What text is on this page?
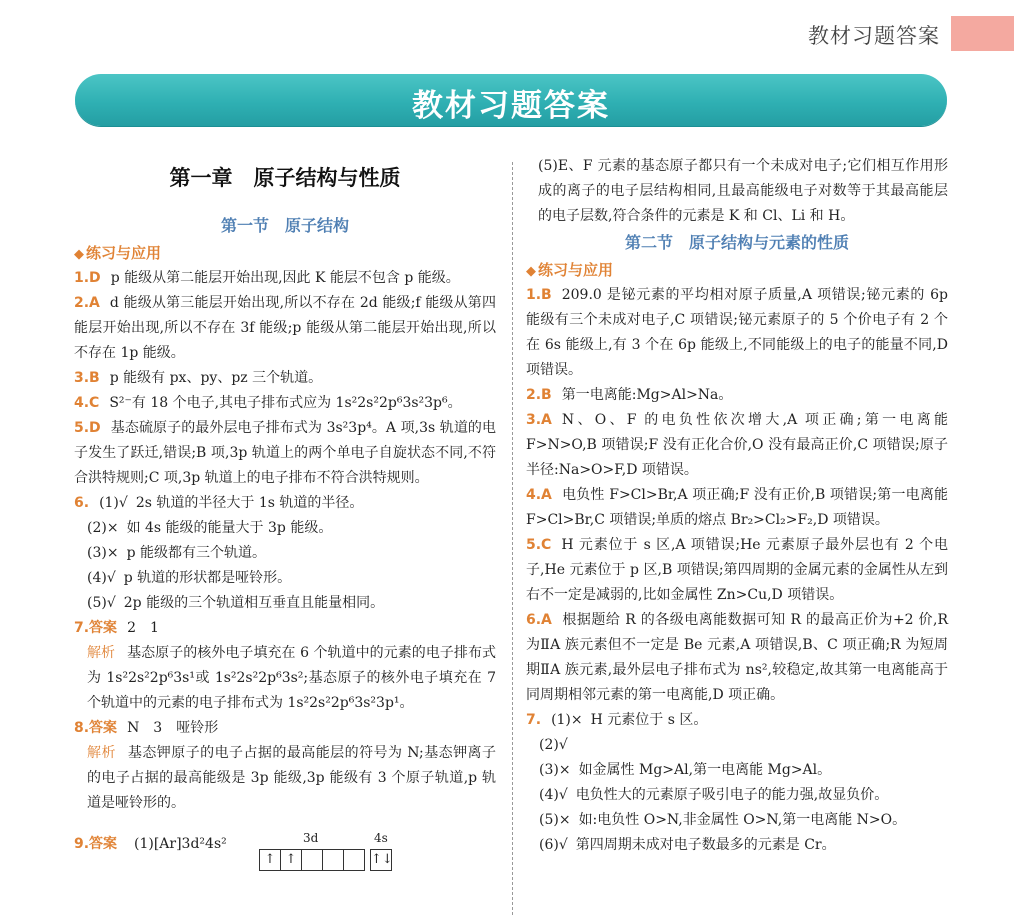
教材习题答案
教材习题答案
第一章　原子结构与性质
第一节　原子结构
◆ 练习与应用

1.D p 能级从第二能层开始出现,因此 K 能层不包含 p 能级。

2.A d 能级从第三能层开始出现,所以不存在 2d 能级;f 能级从第四能层开始出现,所以不存在 3f 能级;p 能级从第二能层开始出现,所以不存在 1p 能级。

3.B p 能级有 px、py、pz 三个轨道。

4.C S²⁻有 18 个电子,其电子排布式应为 1s²2s²2p⁶3s²3p⁶。

5.D 基态硫原子的最外层电子排布式为 3s²3p⁴。A 项,3s 轨道的电子发生了跃迁,错误;B 项,3p 轨道上的两个单电子自旋状态不同,不符合洪特规则;C 项,3p 轨道上的电子排布不符合洪特规则。

6. (1)√ 2s 轨道的半径大于 1s 轨道的半径。

(2)× 如 4s 能级的能量大于 3p 能级。

(3)× p 能级都有三个轨道。

(4)√ p 轨道的形状都是哑铃形。

(5)√ 2p 能级的三个轨道相互垂直且能量相同。

7.答案 2　1

解析 基态原子的核外电子填充在 6 个轨道中的元素的电子排布式为 1s²2s²2p⁶3s¹或 1s²2s²2p⁶3s²;基态原子的核外电子填充在 7 个轨道中的元素的电子排布式为 1s²2s²2p⁶3s²3p¹。

8.答案 N　3　哑铃形

解析 基态钾原子的电子占据的最高能层的符号为 N;基态钾离子的电子占据的最高能级是 3p 能级,3p 能级有 3 个原子轨道,p 轨道是哑铃形的。

9.答案 (1)[Ar]3d²4s²	3d	4s
↑ ↑	↑↓

(5)E、F 元素的基态原子都只有一个未成对电子;它们相互作用形成的离子的电子层结构相同,且最高能级电子对数等于其最高能层的电子层数,符合条件的元素是 K 和 Cl、Li 和 H。

第二节　原子结构与元素的性质
◆ 练习与应用

1.B 209.0 是铋元素的平均相对原子质量,A 项错误;铋元素的 6p 能级有三个未成对电子,C 项错误;铋元素原子的 5 个价电子有 2 个在 6s 能级上,有 3 个在 6p 能级上,不同能级上的电子的能量不同,D 项错误。

2.B 第一电离能:Mg>Al>Na。

3.A N、O、F 的电负性依次增大,A 项正确;第一电离能 F>N>O,B 项错误;F 没有正化合价,O 没有最高正价,C 项错误;原子半径:Na>O>F,D 项错误。

4.A 电负性 F>Cl>Br,A 项正确;F 没有正价,B 项错误;第一电离能 F>Cl>Br,C 项错误;单质的熔点 Br₂>Cl₂>F₂,D 项错误。

5.C H 元素位于 s 区,A 项错误;He 元素原子最外层也有 2 个电子,He 元素位于 p 区,B 项错误;第四周期的金属元素的金属性从左到右不一定是减弱的,比如金属性 Zn>Cu,D 项错误。

6.A 根据题给 R 的各级电离能数据可知 R 的最高正价为+2 价,R 为ⅡA 族元素但不一定是 Be 元素,A 项错误,B、C 项正确;R 为短周期ⅡA 族元素,最外层电子排布式为 ns²,较稳定,故其第一电离能高于同周期相邻元素的第一电离能,D 项正确。

7. (1)× H 元素位于 s 区。

(2)√

(3)× 如金属性 Mg>Al,第一电离能 Mg>Al。

(4)√ 电负性大的元素原子吸引电子的能力强,故显负价。

(5)× 如:电负性 O>N,非金属性 O>N,第一电离能 N>O。

(6)√ 第四周期未成对电子数最多的元素是 Cr。
